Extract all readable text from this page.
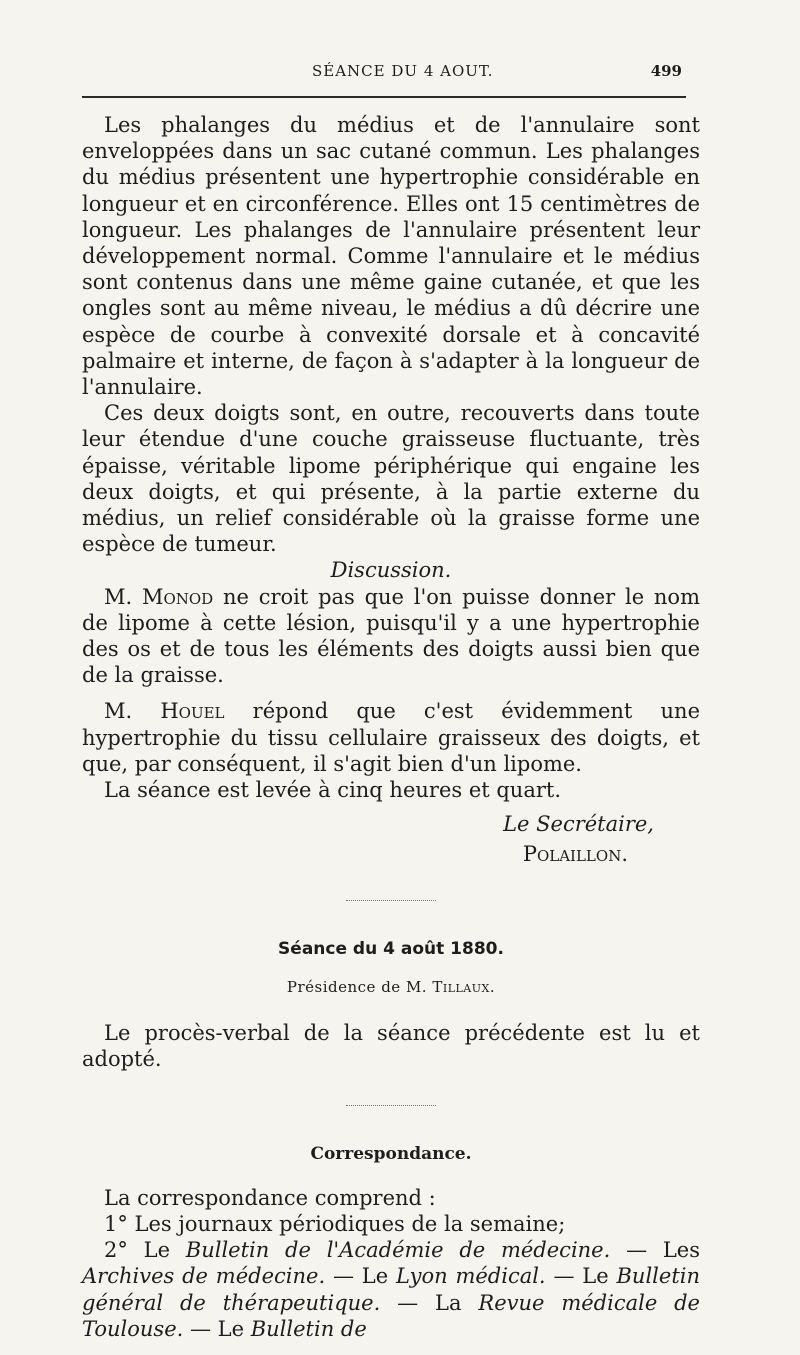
SÉANCE DU 4 AOUT.	499

Les phalanges du médius et de l'annulaire sont enveloppées dans un sac cutané commun. Les phalanges du médius présentent une hypertrophie considérable en longueur et en circonférence. Elles ont 15 centimètres de longueur. Les phalanges de l'annulaire présentent leur développement normal. Comme l'annulaire et le médius sont contenus dans une même gaine cutanée, et que les ongles sont au même niveau, le médius a dû décrire une espèce de courbe à convexité dorsale et à concavité palmaire et interne, de façon à s'adapter à la longueur de l'annulaire.

Ces deux doigts sont, en outre, recouverts dans toute leur étendue d'une couche graisseuse fluctuante, très épaisse, véritable lipome périphérique qui engaine les deux doigts, et qui présente, à la partie externe du médius, un relief considérable où la graisse forme une espèce de tumeur.

Discussion.

M. Monod ne croit pas que l'on puisse donner le nom de lipome à cette lésion, puisqu'il y a une hypertrophie des os et de tous les éléments des doigts aussi bien que de la graisse.

M. Houel répond que c'est évidemment une hypertrophie du tissu cellulaire graisseux des doigts, et que, par conséquent, il s'agit bien d'un lipome.

La séance est levée à cinq heures et quart.

Le Secrétaire,
Polaillon.
Séance du 4 août 1880.
Présidence de M. Tillaux.

Le procès-verbal de la séance précédente est lu et adopté.

Correspondance.

La correspondance comprend :

1° Les journaux périodiques de la semaine;

2° Le Bulletin de l'Académie de médecine. — Les Archives de médecine. — Le Lyon médical. — Le Bulletin général de thérapeutique. — La Revue médicale de Toulouse. — Le Bulletin de
